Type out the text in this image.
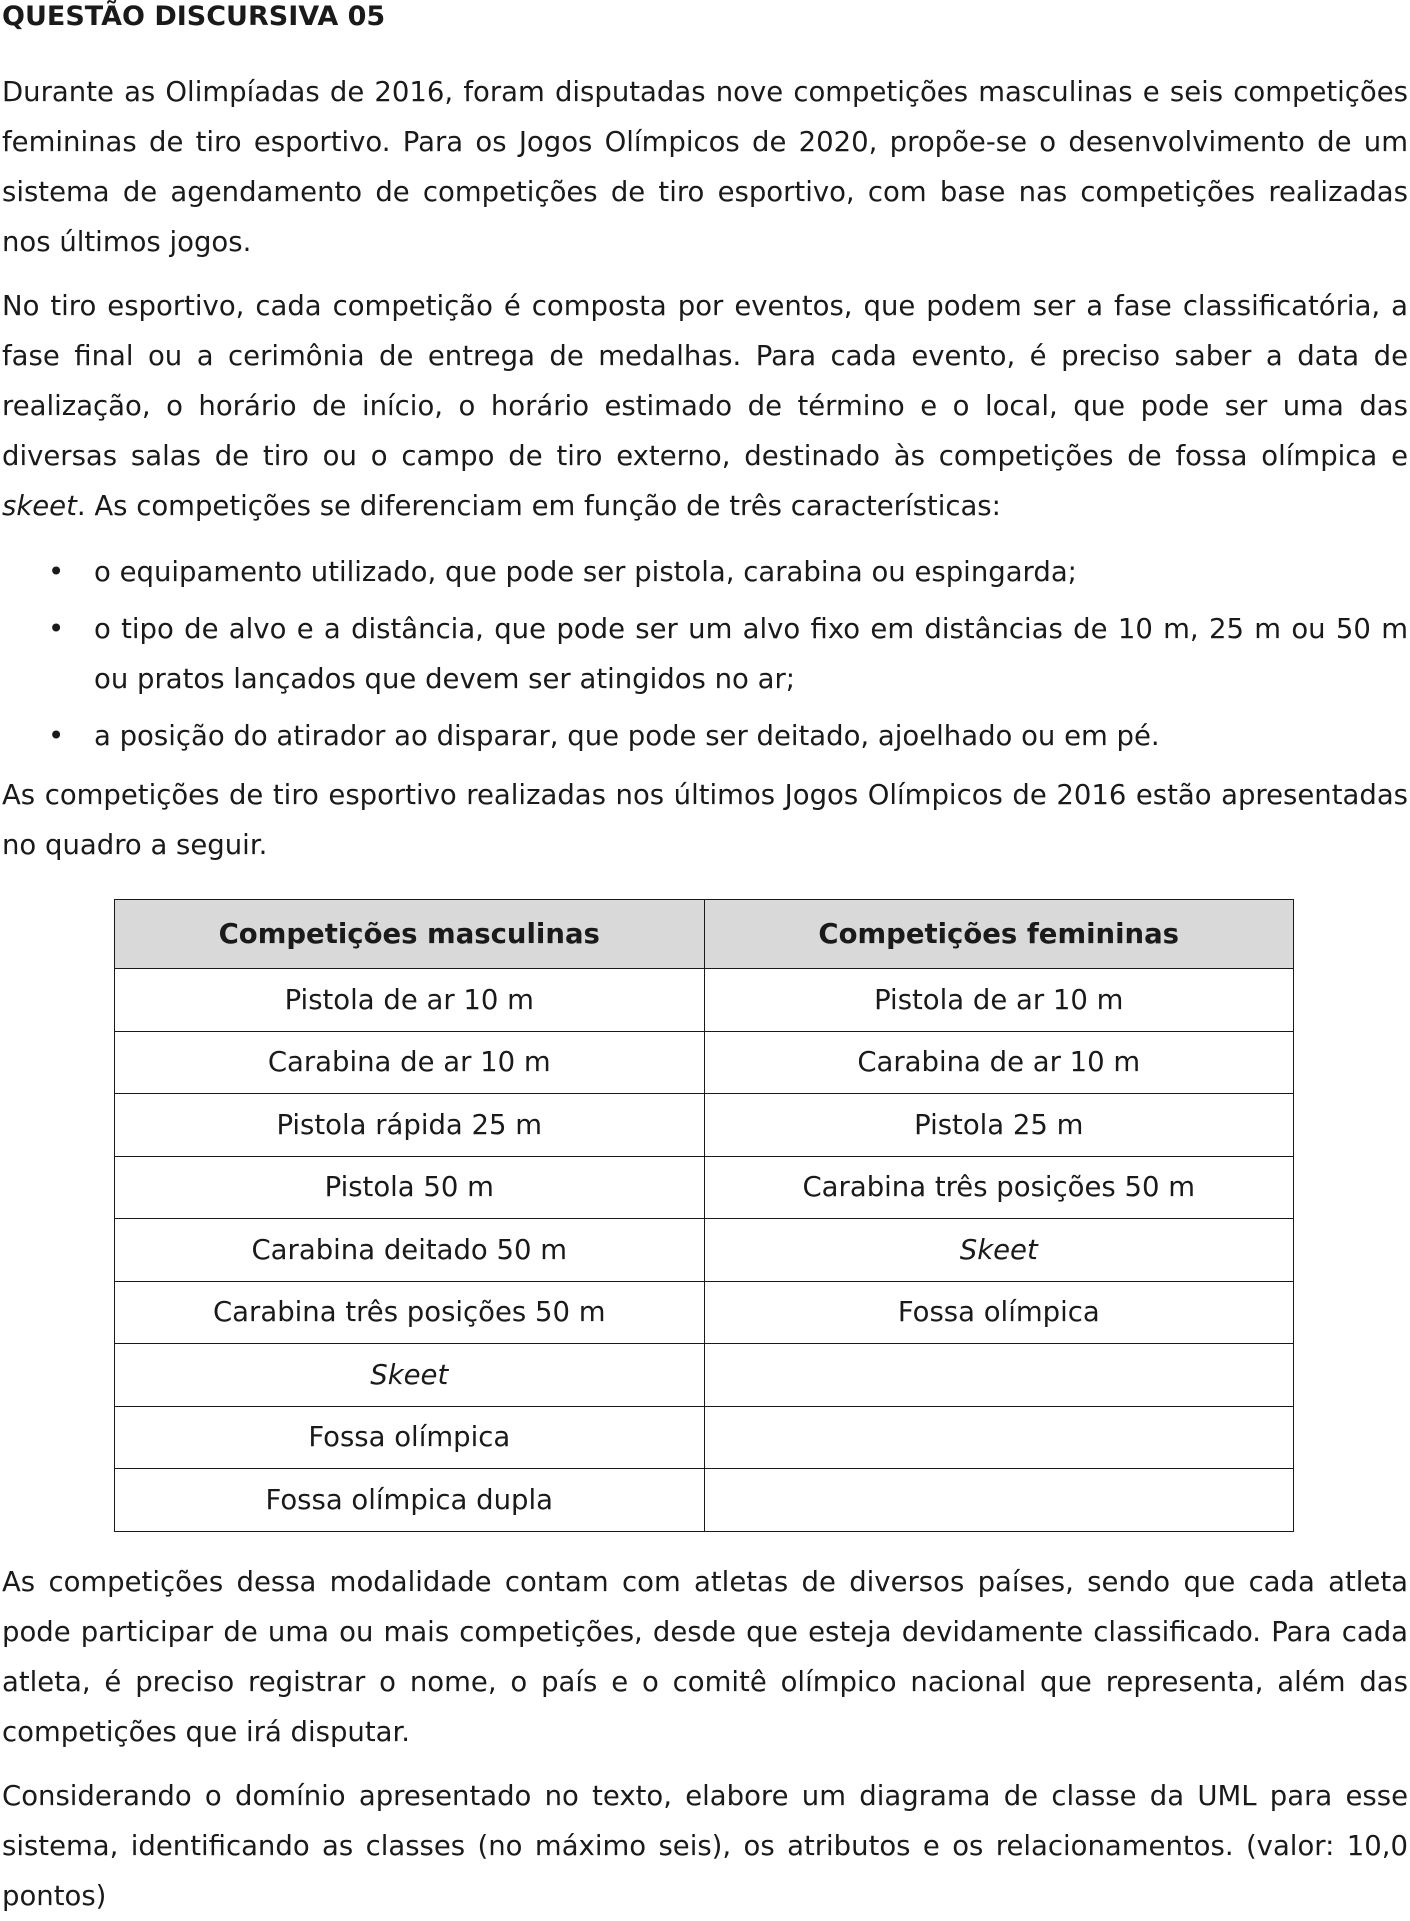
QUESTÃO DISCURSIVA 05

Durante as Olimpíadas de 2016, foram disputadas nove competições masculinas e seis competições femininas de tiro esportivo. Para os Jogos Olímpicos de 2020, propõe-se o desenvolvimento de um sistema de agendamento de competições de tiro esportivo, com base nas competições realizadas nos últimos jogos.

No tiro esportivo, cada competição é composta por eventos, que podem ser a fase classificatória, a fase final ou a cerimônia de entrega de medalhas. Para cada evento, é preciso saber a data de realização, o horário de início, o horário estimado de término e o local, que pode ser uma das diversas salas de tiro ou o campo de tiro externo, destinado às competições de fossa olímpica e skeet. As competições se diferenciam em função de três características:

• o equipamento utilizado, que pode ser pistola, carabina ou espingarda;
• o tipo de alvo e a distância, que pode ser um alvo fixo em distâncias de 10 m, 25 m ou 50 m ou pratos lançados que devem ser atingidos no ar;
• a posição do atirador ao disparar, que pode ser deitado, ajoelhado ou em pé.

As competições de tiro esportivo realizadas nos últimos Jogos Olímpicos de 2016 estão apresentadas no quadro a seguir.

Competições masculinas	Competições femininas
Pistola de ar 10 m	Pistola de ar 10 m
Carabina de ar 10 m	Carabina de ar 10 m
Pistola rápida 25 m	Pistola 25 m
Pistola 50 m	Carabina três posições 50 m
Carabina deitado 50 m	Skeet
Carabina três posições 50 m	Fossa olímpica
Skeet	
Fossa olímpica	
Fossa olímpica dupla	

As competições dessa modalidade contam com atletas de diversos países, sendo que cada atleta pode participar de uma ou mais competições, desde que esteja devidamente classificado. Para cada atleta, é preciso registrar o nome, o país e o comitê olímpico nacional que representa, além das competições que irá disputar.

Considerando o domínio apresentado no texto, elabore um diagrama de classe da UML para esse sistema, identificando as classes (no máximo seis), os atributos e os relacionamentos. (valor: 10,0 pontos)
